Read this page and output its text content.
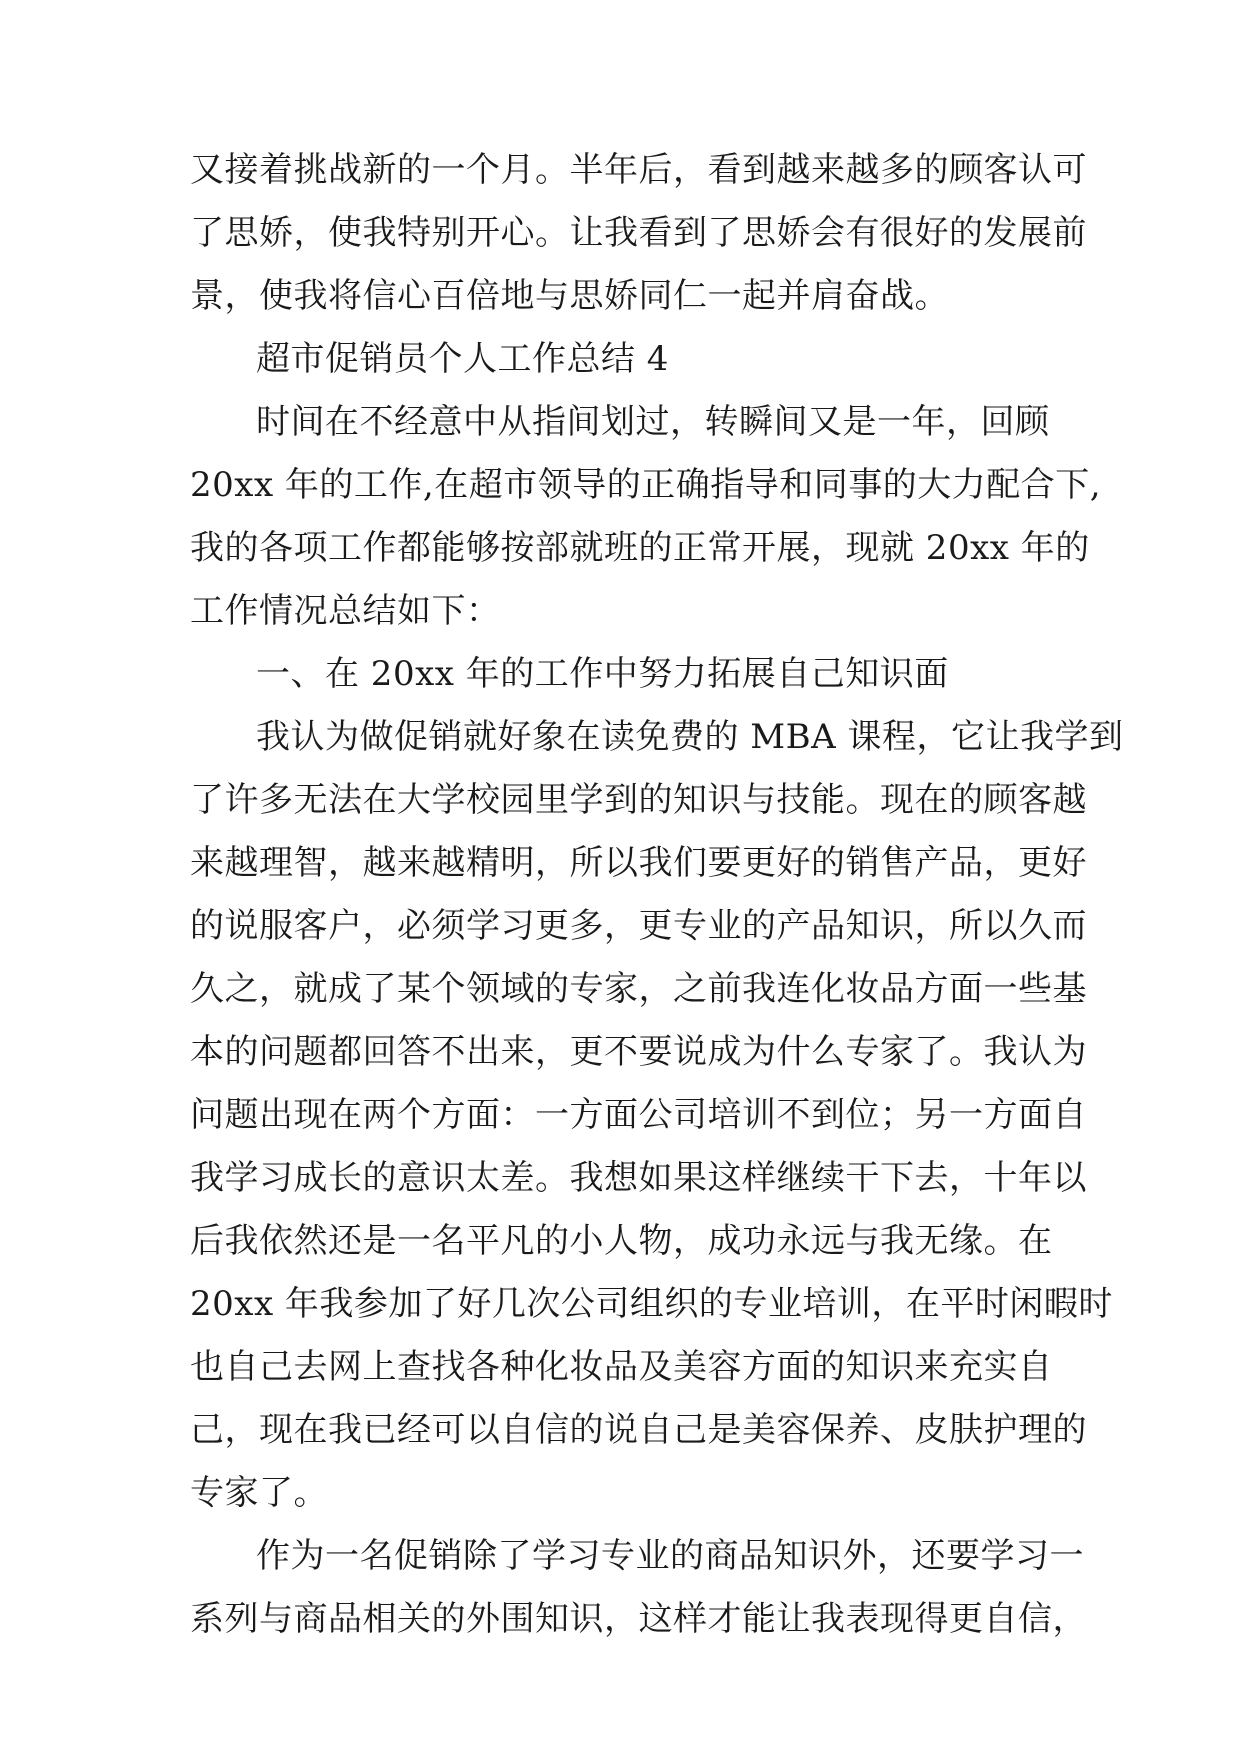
又接着挑战新的一个月。半年后，看到越来越多的顾客认可
了思娇，使我特别开心。让我看到了思娇会有很好的发展前
景，使我将信心百倍地与思娇同仁一起并肩奋战。
超市促销员个人工作总结 4
时间在不经意中从指间划过，转瞬间又是一年，回顾
20xx 年的工作,在超市领导的正确指导和同事的大力配合下,
我的各项工作都能够按部就班的正常开展，现就 20xx 年的
工作情况总结如下：
一、在 20xx 年的工作中努力拓展自己知识面
我认为做促销就好象在读免费的 MBA 课程，它让我学到
了许多无法在大学校园里学到的知识与技能。现在的顾客越
来越理智，越来越精明，所以我们要更好的销售产品，更好
的说服客户，必须学习更多，更专业的产品知识，所以久而
久之，就成了某个领域的专家，之前我连化妆品方面一些基
本的问题都回答不出来，更不要说成为什么专家了。我认为
问题出现在两个方面：一方面公司培训不到位；另一方面自
我学习成长的意识太差。我想如果这样继续干下去，十年以
后我依然还是一名平凡的小人物，成功永远与我无缘。在
20xx 年我参加了好几次公司组织的专业培训，在平时闲暇时
也自己去网上查找各种化妆品及美容方面的知识来充实自
己，现在我已经可以自信的说自己是美容保养、皮肤护理的
专家了。
作为一名促销除了学习专业的商品知识外，还要学习一
系列与商品相关的外围知识，这样才能让我表现得更自信，
